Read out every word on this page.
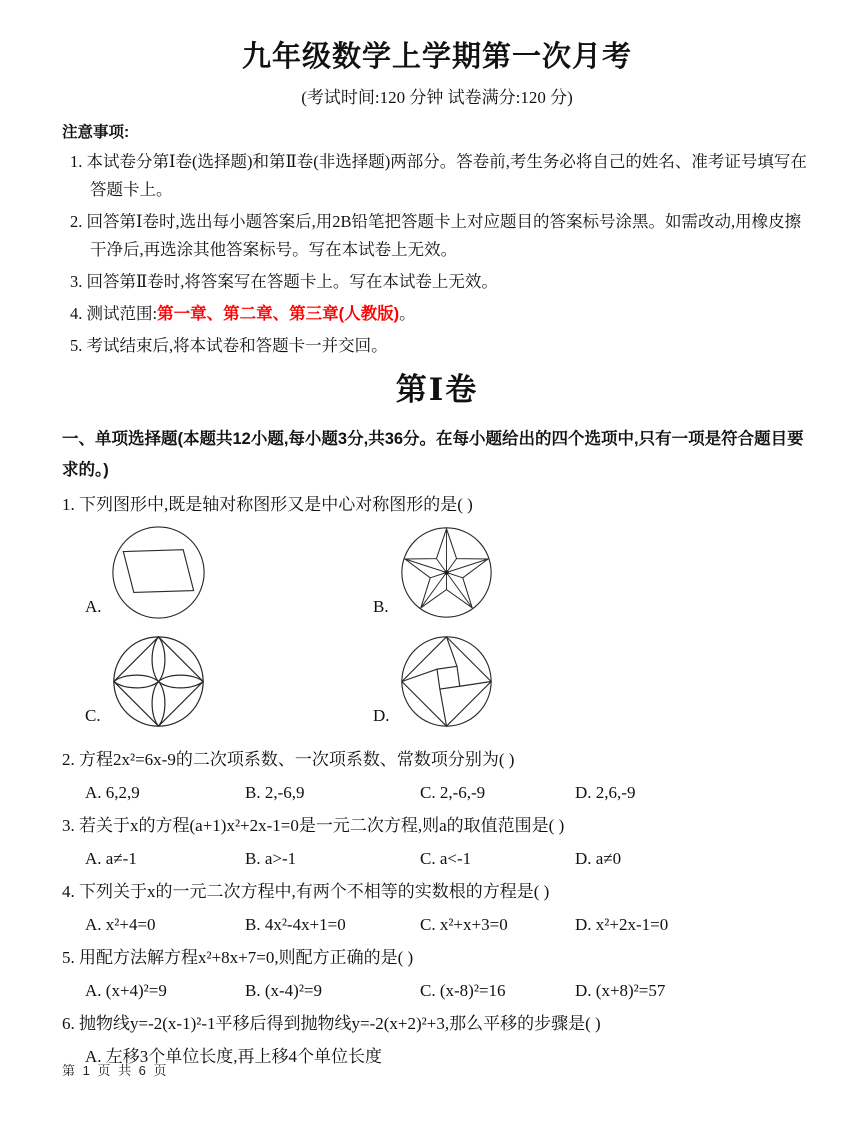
九年级数学上学期第一次月考
(考试时间:120 分钟 试卷满分:120 分)
注意事项:
1. 本试卷分第Ⅰ卷(选择题)和第Ⅱ卷(非选择题)两部分。答卷前,考生务必将自己的姓名、准考证号填写在答题卡上。
2. 回答第Ⅰ卷时,选出每小题答案后,用2B铅笔把答题卡上对应题目的答案标号涂黑。如需改动,用橡皮擦干净后,再选涂其他答案标号。写在本试卷上无效。
3. 回答第Ⅱ卷时,将答案写在答题卡上。写在本试卷上无效。
4. 测试范围:第一章、第二章、第三章(人教版)。
5. 考试结束后,将本试卷和答题卡一并交回。
第Ⅰ卷

一、单项选择题(本题共12小题,每小题3分,共36分。在每小题给出的四个选项中,只有一项是符合题目要求的。)

1. 下列图形中,既是轴对称图形又是中心对称图形的是( )

A.	B.
C.	D.

2. 方程2x²=6x-9的二次项系数、一次项系数、常数项分别为( )

A. 6,2,9	B. 2,-6,9	C. 2,-6,-9	D. 2,6,-9

3. 若关于x的方程(a+1)x²+2x-1=0是一元二次方程,则a的取值范围是( )

A. a≠-1	B. a>-1	C. a<-1	D. a≠0

4. 下列关于x的一元二次方程中,有两个不相等的实数根的方程是( )

A. x²+4=0	B. 4x²-4x+1=0	C. x²+x+3=0	D. x²+2x-1=0

5. 用配方法解方程x²+8x+7=0,则配方正确的是( )

A. (x+4)²=9	B. (x-4)²=9	C. (x-8)²=16	D. (x+8)²=57

6. 抛物线y=-2(x-1)²-1平移后得到抛物线y=-2(x+2)²+3,那么平移的步骤是( )

A. 左移3个单位长度,再上移4个单位长度
第 1 页 共 6 页
